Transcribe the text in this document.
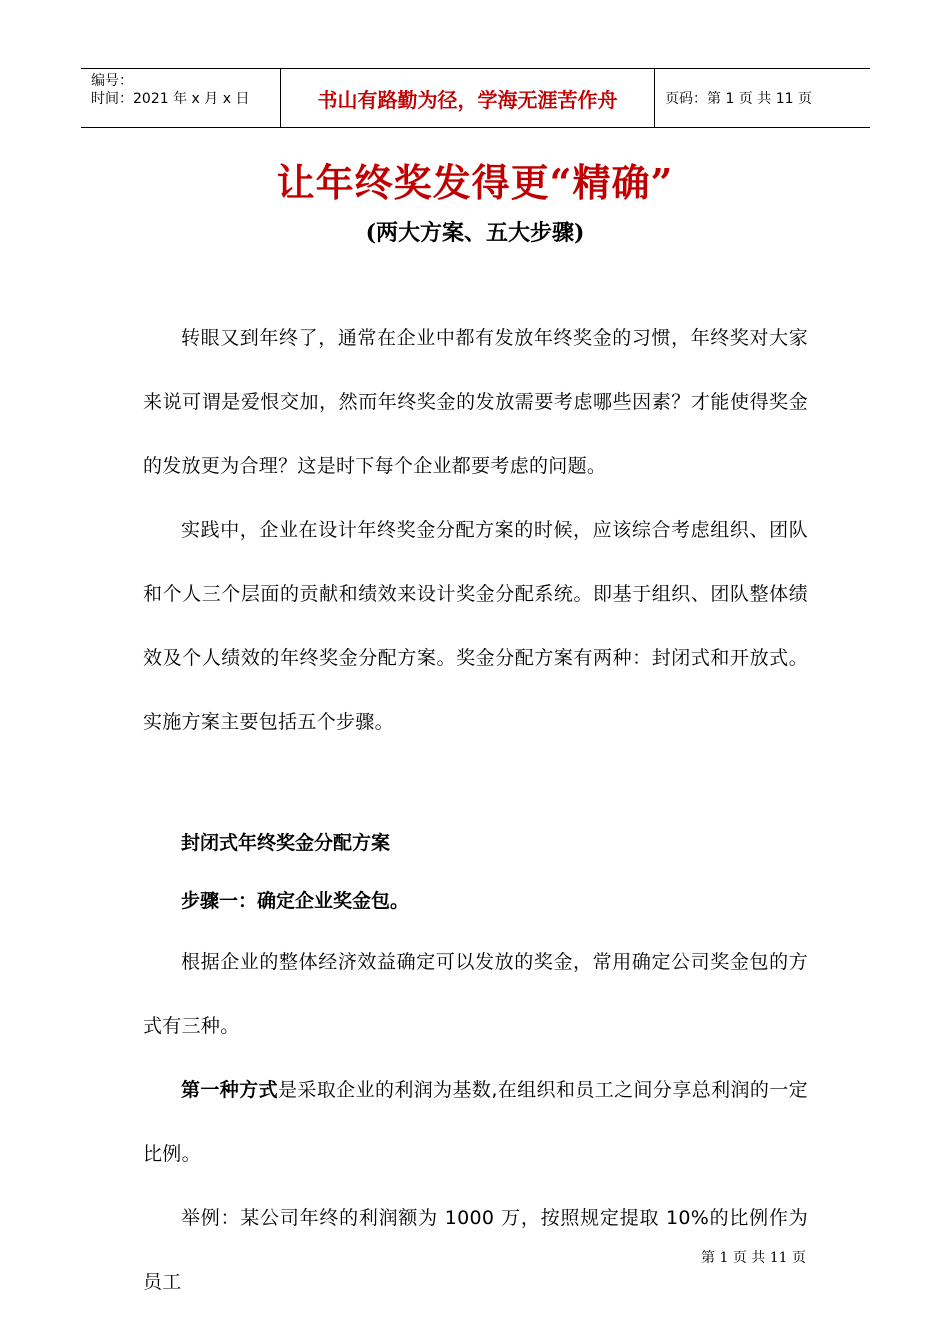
编号：
时间：2021 年 x 月 x 日	书山有路勤为径，学海无涯苦作舟	页码：第 1 页 共 11 页
让年终奖发得更“精确”
(两大方案、五大步骤)

转眼又到年终了，通常在企业中都有发放年终奖金的习惯，年终奖对大家来说可谓是爱恨交加，然而年终奖金的发放需要考虑哪些因素？才能使得奖金的发放更为合理？这是时下每个企业都要考虑的问题。

实践中，企业在设计年终奖金分配方案的时候，应该综合考虑组织、团队和个人三个层面的贡献和绩效来设计奖金分配系统。即基于组织、团队整体绩效及个人绩效的年终奖金分配方案。奖金分配方案有两种：封闭式和开放式。实施方案主要包括五个步骤。

封闭式年终奖金分配方案

步骤一：确定企业奖金包。

根据企业的整体经济效益确定可以发放的奖金，常用确定公司奖金包的方式有三种。

第一种方式是采取企业的利润为基数,在组织和员工之间分享总利润的一定比例。

举例：某公司年终的利润额为 1000 万，按照规定提取 10%的比例作为员工

第 1 页 共 11 页
